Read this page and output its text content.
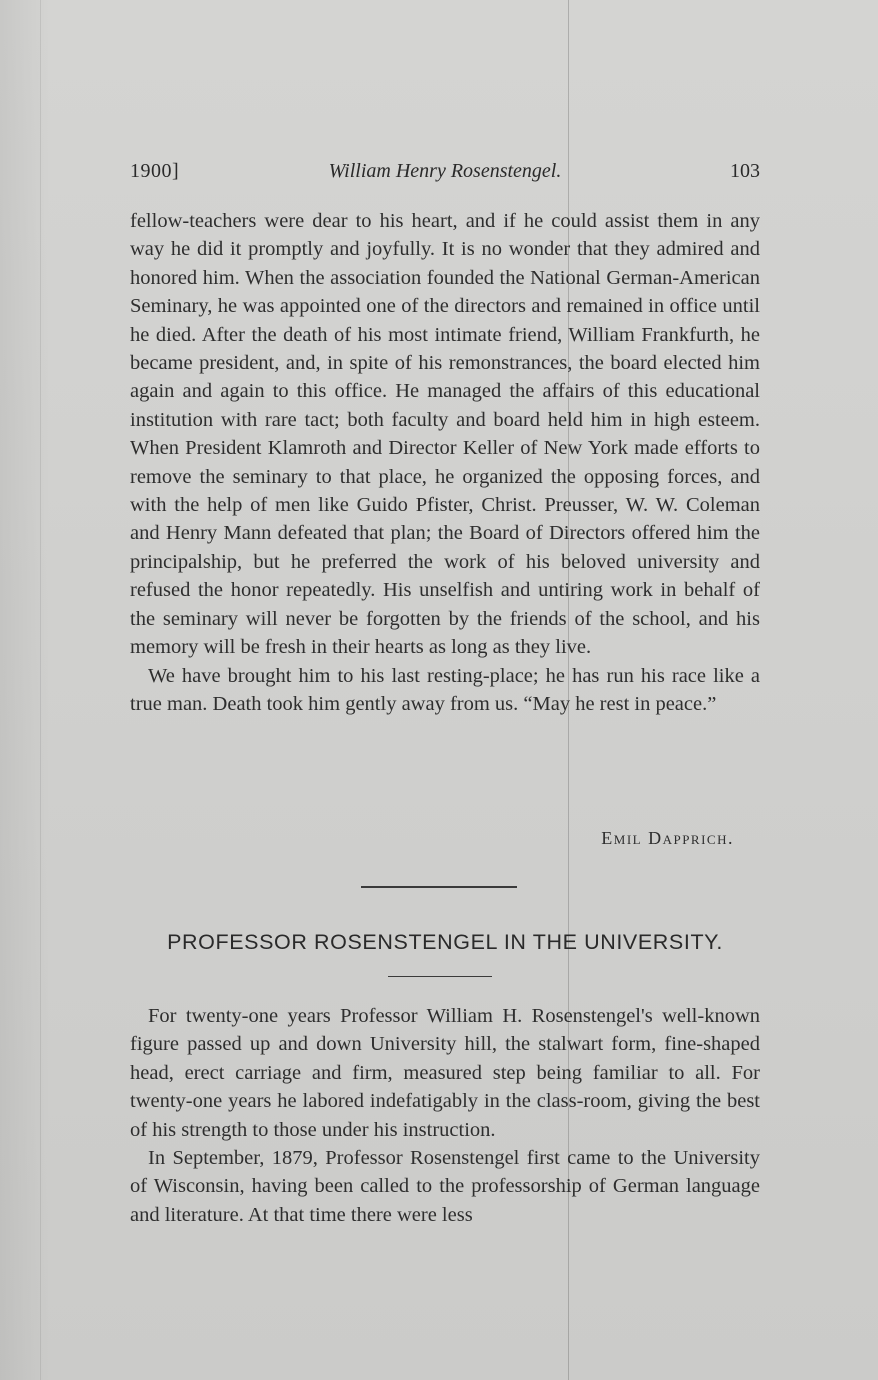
1900]	William Henry Rosenstengel.	103

fellow-teachers were dear to his heart, and if he could assist them in any way he did it promptly and joyfully. It is no wonder that they admired and honored him. When the association founded the National German-American Seminary, he was appointed one of the directors and remained in office until he died. After the death of his most intimate friend, William Frankfurth, he became president, and, in spite of his remonstrances, the board elected him again and again to this office. He managed the affairs of this educational institution with rare tact; both faculty and board held him in high esteem. When President Klamroth and Director Keller of New York made efforts to remove the seminary to that place, he organized the opposing forces, and with the help of men like Guido Pfister, Christ. Preusser, W. W. Coleman and Henry Mann defeated that plan; the Board of Directors offered him the principalship, but he preferred the work of his beloved university and refused the honor repeatedly. His unselfish and untiring work in behalf of the seminary will never be forgotten by the friends of the school, and his memory will be fresh in their hearts as long as they live.

We have brought him to his last resting-place; he has run his race like a true man. Death took him gently away from us. “May he rest in peace.”

Emil Dapprich.
PROFESSOR ROSENSTENGEL IN THE UNIVERSITY.

For twenty-one years Professor William H. Rosenstengel's well-known figure passed up and down University hill, the stalwart form, fine-shaped head, erect carriage and firm, measured step being familiar to all. For twenty-one years he labored indefatigably in the class-room, giving the best of his strength to those under his instruction.

In September, 1879, Professor Rosenstengel first came to the University of Wisconsin, having been called to the professorship of German language and literature. At that time there were less
